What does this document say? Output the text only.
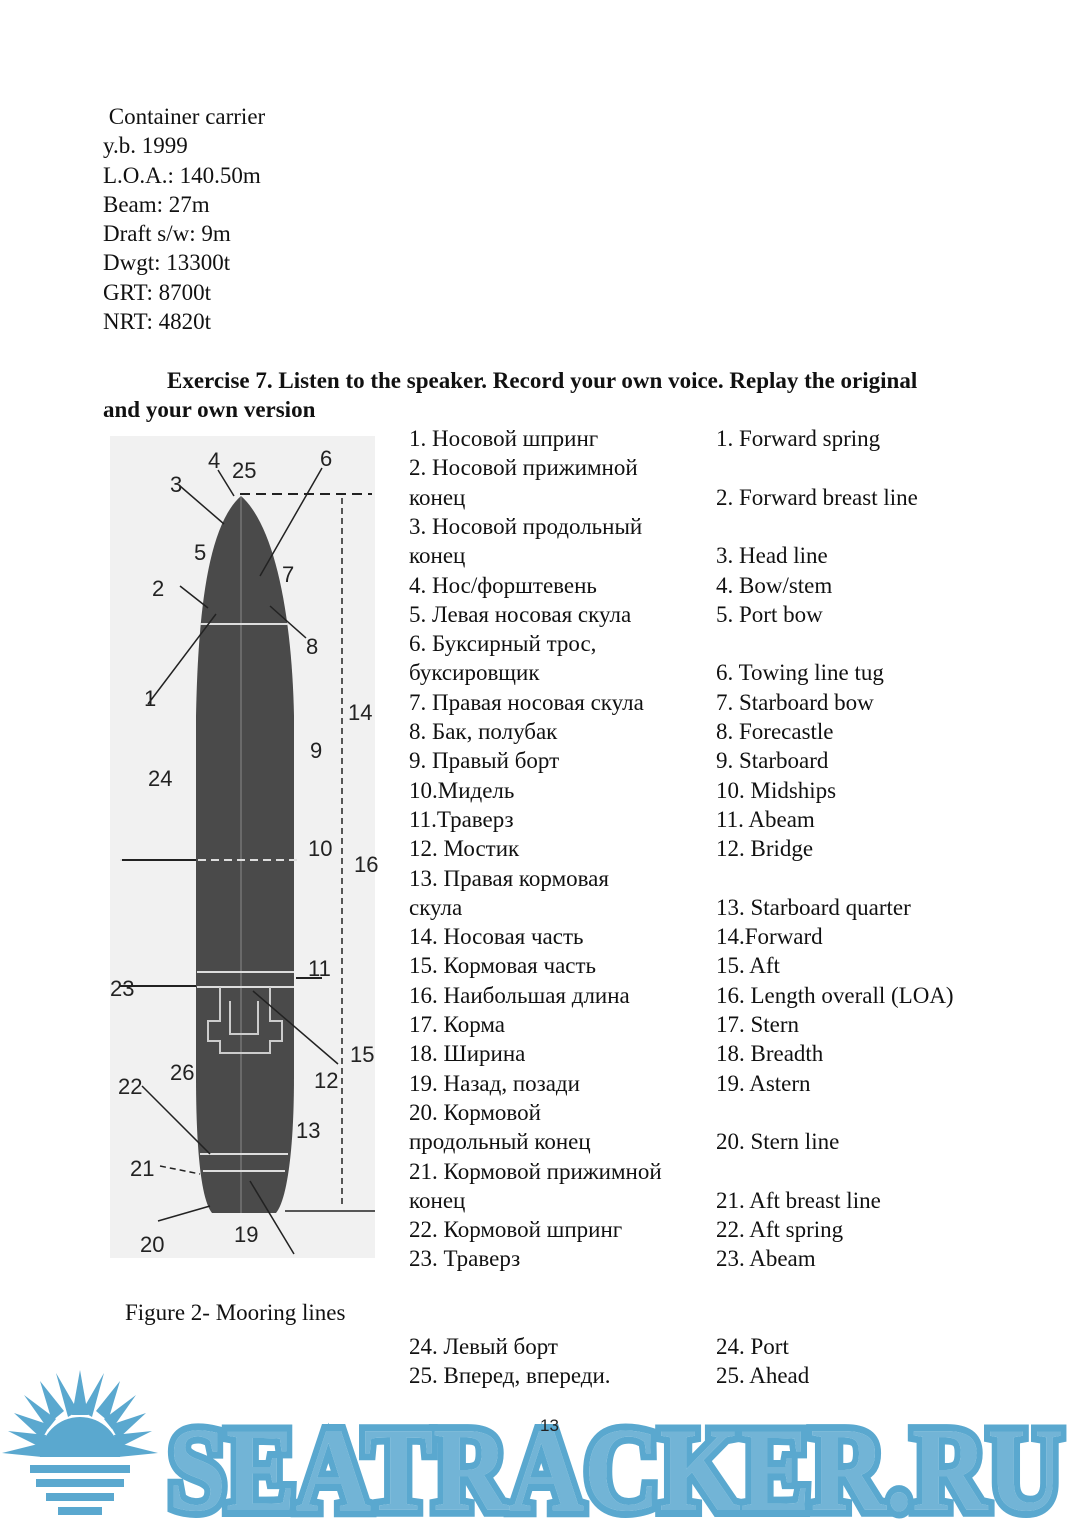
Container carrier
y.b. 1999
L.O.A.: 140.50m
Beam: 27m
Draft s/w: 9m
Dwgt: 13300t
GRT: 8700t
NRT: 4820t
Exercise 7. Listen to the speaker. Record your own voice. Replay the original
and your own version
1
2
3
4
5
6
7
8
9
10
11
12
13
14
15
16
19
20
21
22
23
24
25
26
Figure 2- Mooring lines
1. Носовой шпринг
2. Носовой прижимной
конец
3. Носовой продольный
конец
4. Нос/форштевень
5. Левая носовая скула
6. Буксирный трос,
буксировщик
7. Правая носовая скула
8. Бак, полубак
9. Правый борт
10.Мидель
11.Траверз
12. Мостик
13. Правая кормовая
скула
14. Носовая часть
15. Кормовая часть
16. Наибольшая длина
17. Корма
18. Ширина
19. Назад, позади
20. Кормовой
продольный конец
21. Кормовой прижимной
конец
22. Кормовой шпринг
23. Траверз
24. Левый борт
25. Вперед, впереди.
1. Forward spring
2. Forward breast line
3. Head line
4. Bow/stem
5. Port bow
6. Towing line tug
7. Starboard bow
8. Forecastle
9. Starboard
10. Midships
11. Abeam
12. Bridge
13. Starboard quarter
14.Forward
15. Aft
16. Length overall (LOA)
17. Stern
18. Breadth
19. Astern
20. Stern line
21. Aft breast line
22. Aft spring
23. Abeam
24. Port
25. Ahead
SEATRACKER.RU
SEATRACKER.RU
13
